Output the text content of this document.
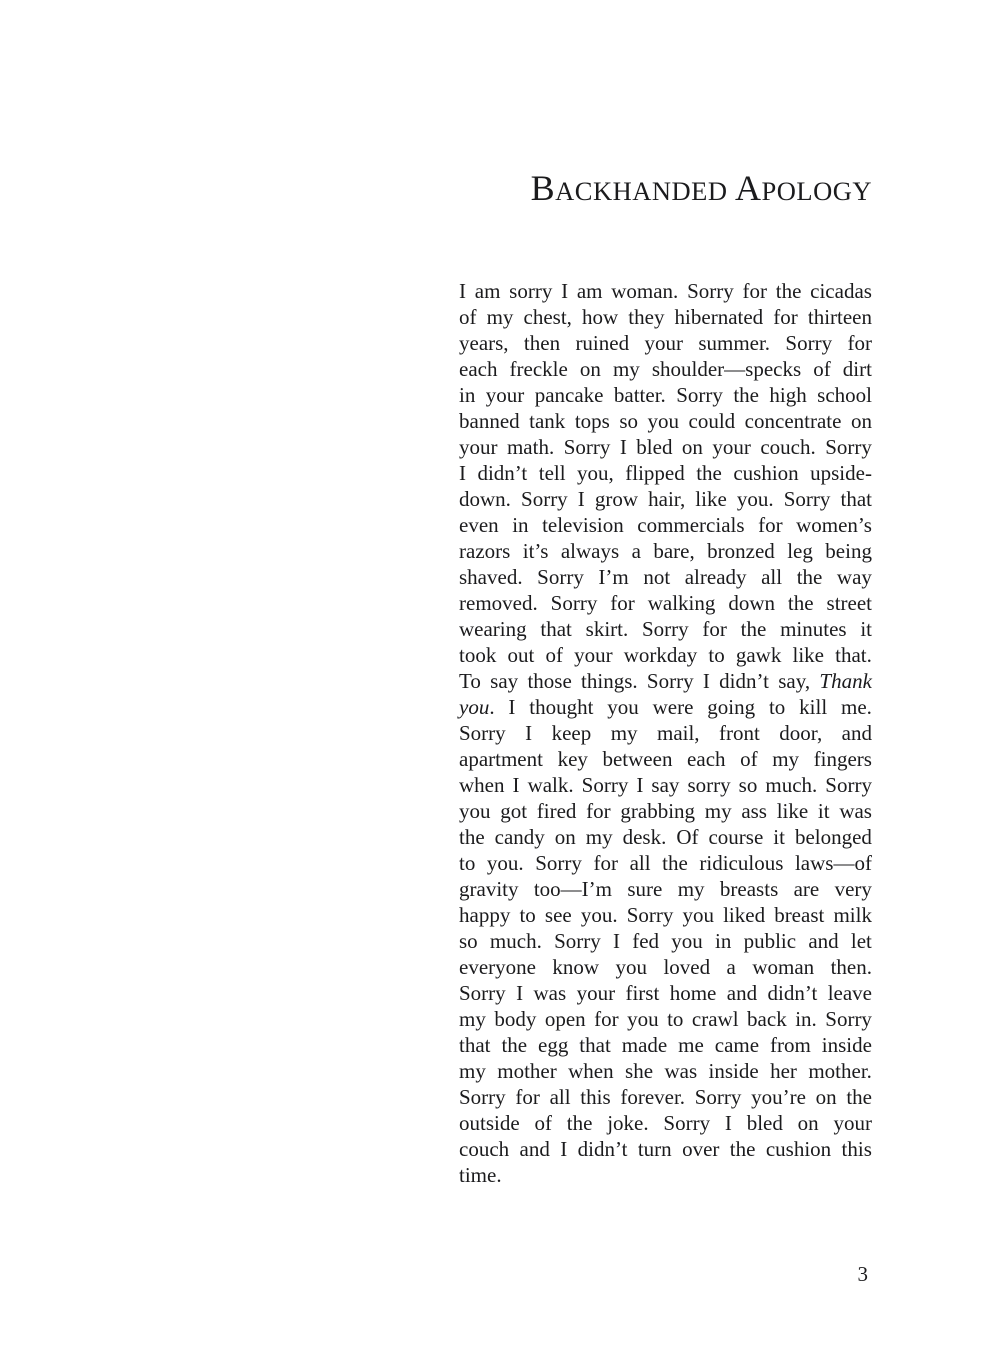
BACKHANDED APOLOGY
I am sorry I am woman. Sorry for the cicadas
of my chest, how they hibernated for thirteen
years, then ruined your summer. Sorry for
each freckle on my shoulder—specks of dirt
in your pancake batter. Sorry the high school
banned tank tops so you could concentrate on
your math. Sorry I bled on your couch. Sorry
I didn’t tell you, flipped the cushion upside-
down. Sorry I grow hair, like you. Sorry that
even in television commercials for women’s
razors it’s always a bare, bronzed leg being
shaved. Sorry I’m not already all the way
removed. Sorry for walking down the street
wearing that skirt. Sorry for the minutes it
took out of your workday to gawk like that.
To say those things. Sorry I didn’t say, Thank
you. I thought you were going to kill me.
Sorry I keep my mail, front door, and
apartment key between each of my fingers
when I walk. Sorry I say sorry so much. Sorry
you got fired for grabbing my ass like it was
the candy on my desk. Of course it belonged
to you. Sorry for all the ridiculous laws—of
gravity too—I’m sure my breasts are very
happy to see you. Sorry you liked breast milk
so much. Sorry I fed you in public and let
everyone know you loved a woman then.
Sorry I was your first home and didn’t leave
my body open for you to crawl back in. Sorry
that the egg that made me came from inside
my mother when she was inside her mother.
Sorry for all this forever. Sorry you’re on the
outside of the joke. Sorry I bled on your
couch and I didn’t turn over the cushion this
time.
3
